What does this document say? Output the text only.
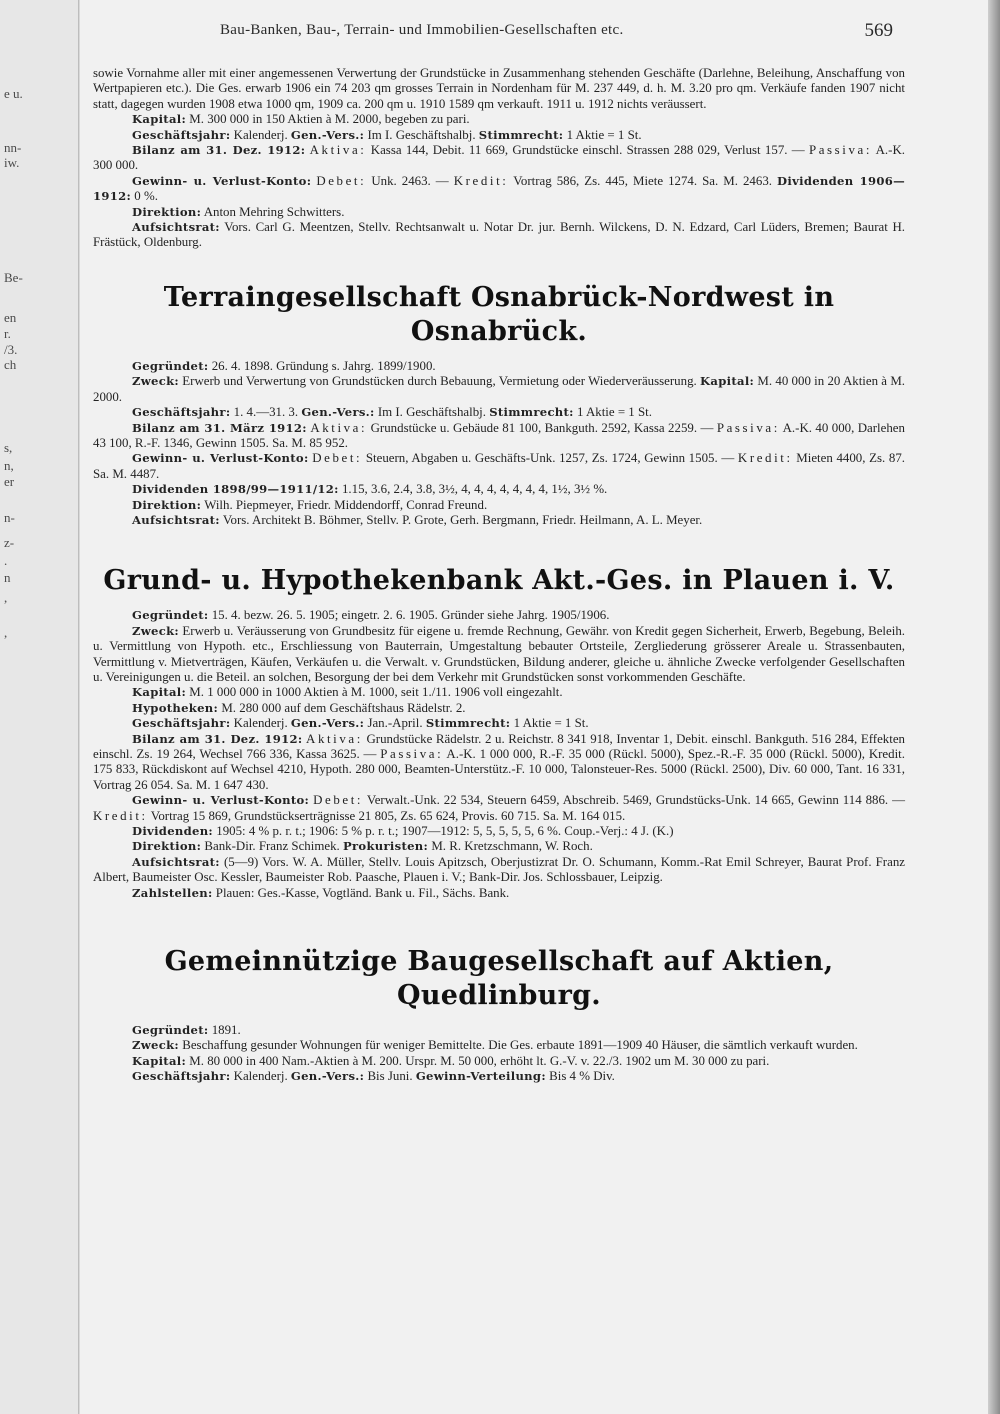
e u.
nn-
iw.
Be-
en
r.
/3.
ch
s,
n,
er
n-
z-
.
n
,
,
Bau-Banken, Bau-, Terrain- und Immobilien-Gesellschaften etc.	569

sowie Vornahme aller mit einer angemessenen Verwertung der Grundstücke in Zusammenhang stehenden Geschäfte (Darlehne, Beleihung, Anschaffung von Wertpapieren etc.). Die Ges. erwarb 1906 ein 74 203 qm grosses Terrain in Nordenham für M. 237 449, d. h. M. 3.20 pro qm. Verkäufe fanden 1907 nicht statt, dagegen wurden 1908 etwa 1000 qm, 1909 ca. 200 qm u. 1910 1589 qm verkauft. 1911 u. 1912 nichts veräussert.

Kapital: M. 300 000 in 150 Aktien à M. 2000, begeben zu pari.

Geschäftsjahr: Kalenderj. Gen.-Vers.: Im I. Geschäftshalbj. Stimmrecht: 1 Aktie = 1 St.

Bilanz am 31. Dez. 1912: Aktiva: Kassa 144, Debit. 11 669, Grundstücke einschl. Strassen 288 029, Verlust 157. — Passiva: A.-K. 300 000.

Gewinn- u. Verlust-Konto: Debet: Unk. 2463. — Kredit: Vortrag 586, Zs. 445, Miete 1274. Sa. M. 2463. Dividenden 1906—1912: 0 %.

Direktion: Anton Mehring Schwitters.

Aufsichtsrat: Vors. Carl G. Meentzen, Stellv. Rechtsanwalt u. Notar Dr. jur. Bernh. Wilckens, D. N. Edzard, Carl Lüders, Bremen; Baurat H. Frästück, Oldenburg.

Terraingesellschaft Osnabrück-Nordwest in Osnabrück.

Gegründet: 26. 4. 1898. Gründung s. Jahrg. 1899/1900.

Zweck: Erwerb und Verwertung von Grundstücken durch Bebauung, Vermietung oder Wiederveräusserung. Kapital: M. 40 000 in 20 Aktien à M. 2000.

Geschäftsjahr: 1. 4.—31. 3. Gen.-Vers.: Im I. Geschäftshalbj. Stimmrecht: 1 Aktie = 1 St.

Bilanz am 31. März 1912: Aktiva: Grundstücke u. Gebäude 81 100, Bankguth. 2592, Kassa 2259. — Passiva: A.-K. 40 000, Darlehen 43 100, R.-F. 1346, Gewinn 1505. Sa. M. 85 952.

Gewinn- u. Verlust-Konto: Debet: Steuern, Abgaben u. Geschäfts-Unk. 1257, Zs. 1724, Gewinn 1505. — Kredit: Mieten 4400, Zs. 87. Sa. M. 4487.

Dividenden 1898/99—1911/12: 1.15, 3.6, 2.4, 3.8, 3½, 4, 4, 4, 4, 4, 4, 4, 1½, 3½ %.

Direktion: Wilh. Piepmeyer, Friedr. Middendorff, Conrad Freund.

Aufsichtsrat: Vors. Architekt B. Böhmer, Stellv. P. Grote, Gerh. Bergmann, Friedr. Heilmann, A. L. Meyer.

Grund- u. Hypothekenbank Akt.-Ges. in Plauen i. V.

Gegründet: 15. 4. bezw. 26. 5. 1905; eingetr. 2. 6. 1905. Gründer siehe Jahrg. 1905/1906.

Zweck: Erwerb u. Veräusserung von Grundbesitz für eigene u. fremde Rechnung, Gewähr. von Kredit gegen Sicherheit, Erwerb, Begebung, Beleih. u. Vermittlung von Hypoth. etc., Erschliessung von Bauterrain, Umgestaltung bebauter Ortsteile, Zergliederung grösserer Areale u. Strassenbauten, Vermittlung v. Mietverträgen, Käufen, Verkäufen u. die Verwalt. v. Grundstücken, Bildung anderer, gleiche u. ähnliche Zwecke verfolgender Gesellschaften u. Vereinigungen u. die Beteil. an solchen, Besorgung der bei dem Verkehr mit Grundstücken sonst vorkommenden Geschäfte.

Kapital: M. 1 000 000 in 1000 Aktien à M. 1000, seit 1./11. 1906 voll eingezahlt.

Hypotheken: M. 280 000 auf dem Geschäftshaus Rädelstr. 2.

Geschäftsjahr: Kalenderj. Gen.-Vers.: Jan.-April. Stimmrecht: 1 Aktie = 1 St.

Bilanz am 31. Dez. 1912: Aktiva: Grundstücke Rädelstr. 2 u. Reichstr. 8 341 918, Inventar 1, Debit. einschl. Bankguth. 516 284, Effekten einschl. Zs. 19 264, Wechsel 766 336, Kassa 3625. — Passiva: A.-K. 1 000 000, R.-F. 35 000 (Rückl. 5000), Spez.-R.-F. 35 000 (Rückl. 5000), Kredit. 175 833, Rückdiskont auf Wechsel 4210, Hypoth. 280 000, Beamten-Unterstütz.-F. 10 000, Talonsteuer-Res. 5000 (Rückl. 2500), Div. 60 000, Tant. 16 331, Vortrag 26 054. Sa. M. 1 647 430.

Gewinn- u. Verlust-Konto: Debet: Verwalt.-Unk. 22 534, Steuern 6459, Abschreib. 5469, Grundstücks-Unk. 14 665, Gewinn 114 886. — Kredit: Vortrag 15 869, Grundstückserträgnisse 21 805, Zs. 65 624, Provis. 60 715. Sa. M. 164 015.

Dividenden: 1905: 4 % p. r. t.; 1906: 5 % p. r. t.; 1907—1912: 5, 5, 5, 5, 5, 6 %. Coup.-Verj.: 4 J. (K.)

Direktion: Bank-Dir. Franz Schimek. Prokuristen: M. R. Kretzschmann, W. Roch.

Aufsichtsrat: (5—9) Vors. W. A. Müller, Stellv. Louis Apitzsch, Oberjustizrat Dr. O. Schumann, Komm.-Rat Emil Schreyer, Baurat Prof. Franz Albert, Baumeister Osc. Kessler, Baumeister Rob. Paasche, Plauen i. V.; Bank-Dir. Jos. Schlossbauer, Leipzig.

Zahlstellen: Plauen: Ges.-Kasse, Vogtländ. Bank u. Fil., Sächs. Bank.

Gemeinnützige Baugesellschaft auf Aktien, Quedlinburg.

Gegründet: 1891.

Zweck: Beschaffung gesunder Wohnungen für weniger Bemittelte. Die Ges. erbaute 1891—1909 40 Häuser, die sämtlich verkauft wurden.

Kapital: M. 80 000 in 400 Nam.-Aktien à M. 200. Urspr. M. 50 000, erhöht lt. G.-V. v. 22./3. 1902 um M. 30 000 zu pari.

Geschäftsjahr: Kalenderj. Gen.-Vers.: Bis Juni. Gewinn-Verteilung: Bis 4 % Div.
